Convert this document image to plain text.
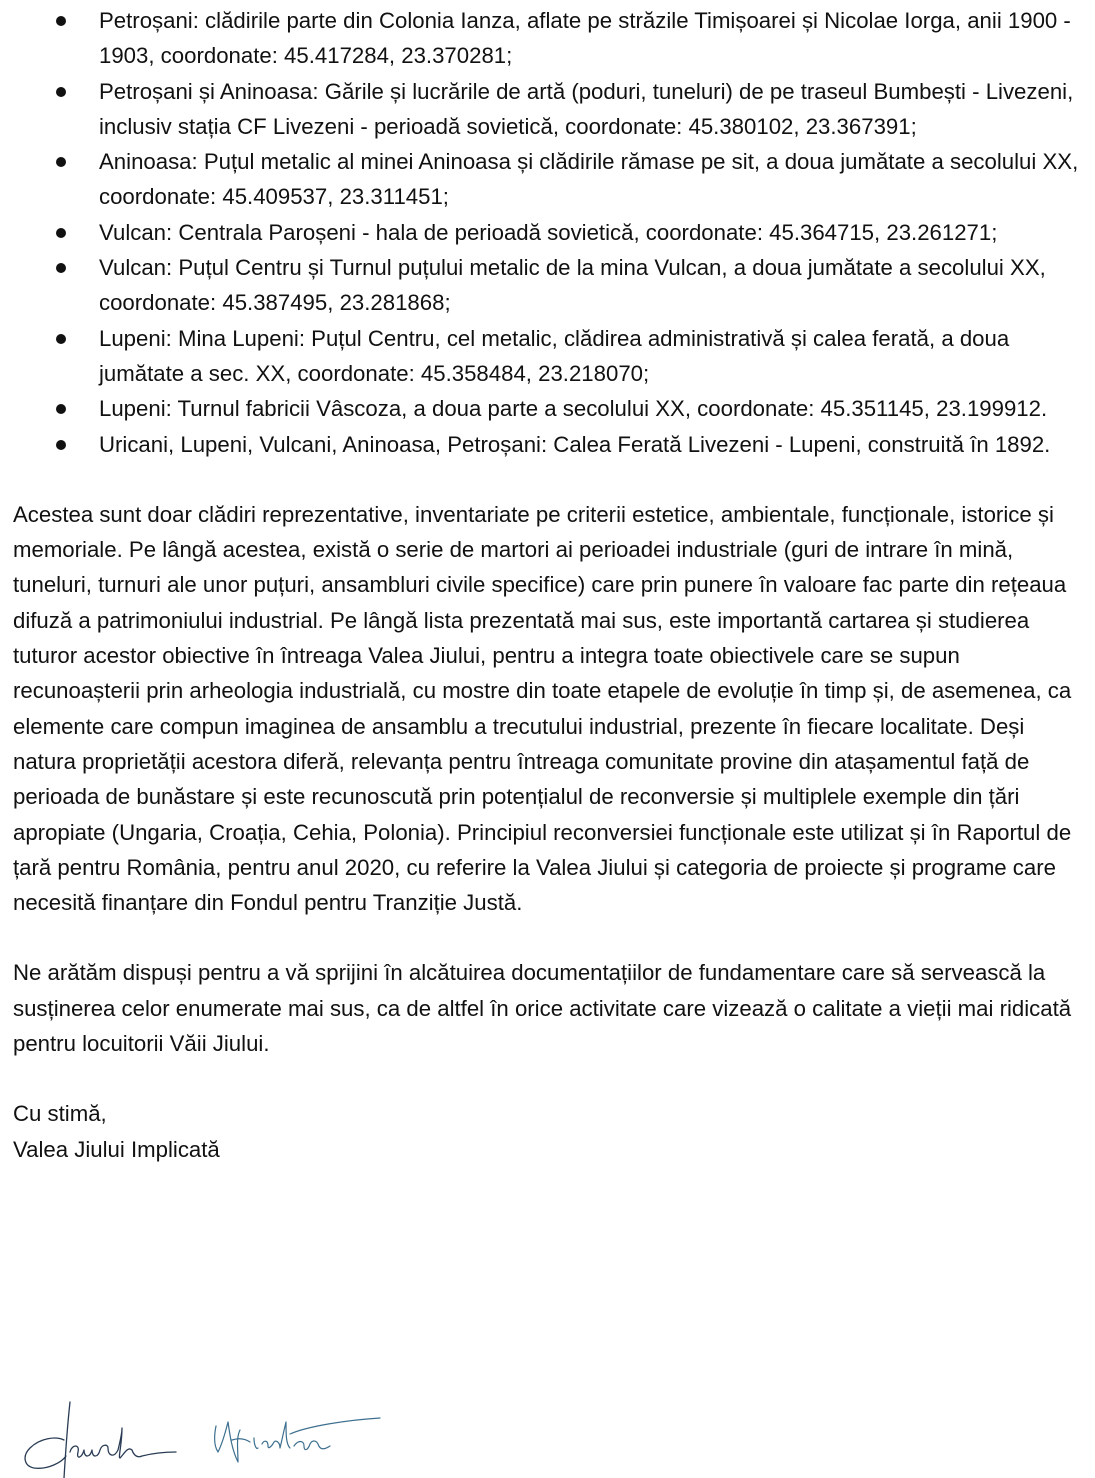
Petroșani: clădirile parte din Colonia Ianza, aflate pe străzile Timișoarei și Nicolae Iorga, anii 1900 - 1903, coordonate: 45.417284, 23.370281;
Petroșani și Aninoasa: Gările și lucrările de artă (poduri, tuneluri) de pe traseul Bumbești - Livezeni, inclusiv stația CF Livezeni - perioadă sovietică, coordonate: 45.380102, 23.367391;
Aninoasa: Puțul metalic al minei Aninoasa și clădirile rămase pe sit, a doua jumătate a secolului XX, coordonate: 45.409537, 23.311451;
Vulcan: Centrala Paroșeni - hala de perioadă sovietică, coordonate: 45.364715, 23.261271;
Vulcan: Puțul Centru și Turnul puțului metalic de la mina Vulcan, a doua jumătate a secolului XX, coordonate: 45.387495, 23.281868;
Lupeni: Mina Lupeni: Puțul Centru, cel metalic, clădirea administrativă și calea ferată, a doua jumătate a sec. XX, coordonate: 45.358484, 23.218070;
Lupeni: Turnul fabricii Vâscoza, a doua parte a secolului XX, coordonate: 45.351145, 23.199912.
Uricani, Lupeni, Vulcani, Aninoasa, Petroșani: Calea Ferată Livezeni - Lupeni, construită în 1892.

Acestea sunt doar clădiri reprezentative, inventariate pe criterii estetice, ambientale, funcționale, istorice și memoriale. Pe lângă acestea, există o serie de martori ai perioadei industriale (guri de intrare în mină, tuneluri, turnuri ale unor puțuri, ansambluri civile specifice) care prin punere în valoare fac parte din rețeaua difuză a patrimoniului industrial. Pe lângă lista prezentată mai sus, este importantă cartarea și studierea tuturor acestor obiective în întreaga Valea Jiului, pentru a integra toate obiectivele care se supun recunoașterii prin arheologia industrială, cu mostre din toate etapele de evoluție în timp și, de asemenea, ca elemente care compun imaginea de ansamblu a trecutului industrial, prezente în fiecare localitate. Deși natura proprietății acestora diferă, relevanța pentru întreaga comunitate provine din atașamentul față de perioada de bunăstare și este recunoscută prin potențialul de reconversie și multiplele exemple din țări apropiate (Ungaria, Croația, Cehia, Polonia). Principiul reconversiei funcționale este utilizat și în Raportul de țară pentru România, pentru anul 2020, cu referire la Valea Jiului și categoria de proiecte și programe care necesită finanțare din Fondul pentru Tranziție Justă.

Ne arătăm dispuși pentru a vă sprijini în alcătuirea documentațiilor de fundamentare care să servească la susținerea celor enumerate mai sus, ca de altfel în orice activitate care vizează o calitate a vieții mai ridicată pentru locuitorii Văii Jiului.

Cu stimă,

Valea Jiului Implicată
